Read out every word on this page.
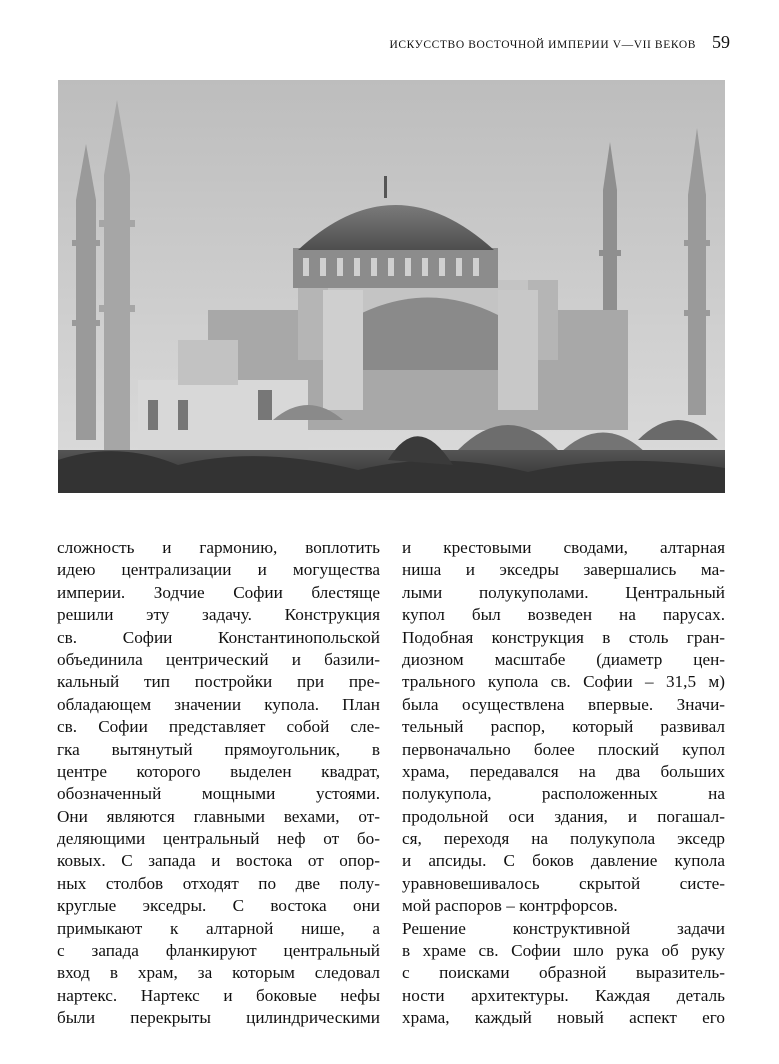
ИСКУССТВО ВОСТОЧНОЙ ИМПЕРИИ V—VII ВЕКОВ 59
сложность и гармонию, воплотить
идею централизации и могущества
империи. Зодчие Софии блестяще
решили эту задачу. Конструкция
св. Софии Константинопольской
объединила центрический и базили-
кальный тип постройки при пре-
обладающем значении купола. План
св. Софии представляет собой сле-
гка вытянутый прямоугольник, в
центре которого выделен квадрат,
обозначенный мощными устоями.
Они являются главными вехами, от-
деляющими центральный неф от бо-
ковых. С запада и востока от опор-
ных столбов отходят по две полу-
круглые экседры. С востока они
примыкают к алтарной нише, а
с запада фланкируют центральный
вход в храм, за которым следовал
нартекс. Нартекс и боковые нефы
были перекрыты цилиндрическими
и крестовыми сводами, алтарная
ниша и экседры завершались ма-
лыми полукуполами. Центральный
купол был возведен на парусах.
Подобная конструкция в столь гран-
диозном масштабе (диаметр цен-
трального купола св. Софии – 31,5 м)
была осуществлена впервые. Значи-
тельный распор, который развивал
первоначально более плоский купол
храма, передавался на два больших
полукупола, расположенных на
продольной оси здания, и погашал-
ся, переходя на полукупола экседр
и апсиды. С боков давление купола
уравновешивалось скрытой систе-
мой распоров – контрфорсов.
Решение конструктивной задачи
в храме св. Софии шло рука об руку
с поисками образной выразитель-
ности архитектуры. Каждая деталь
храма, каждый новый аспект его
